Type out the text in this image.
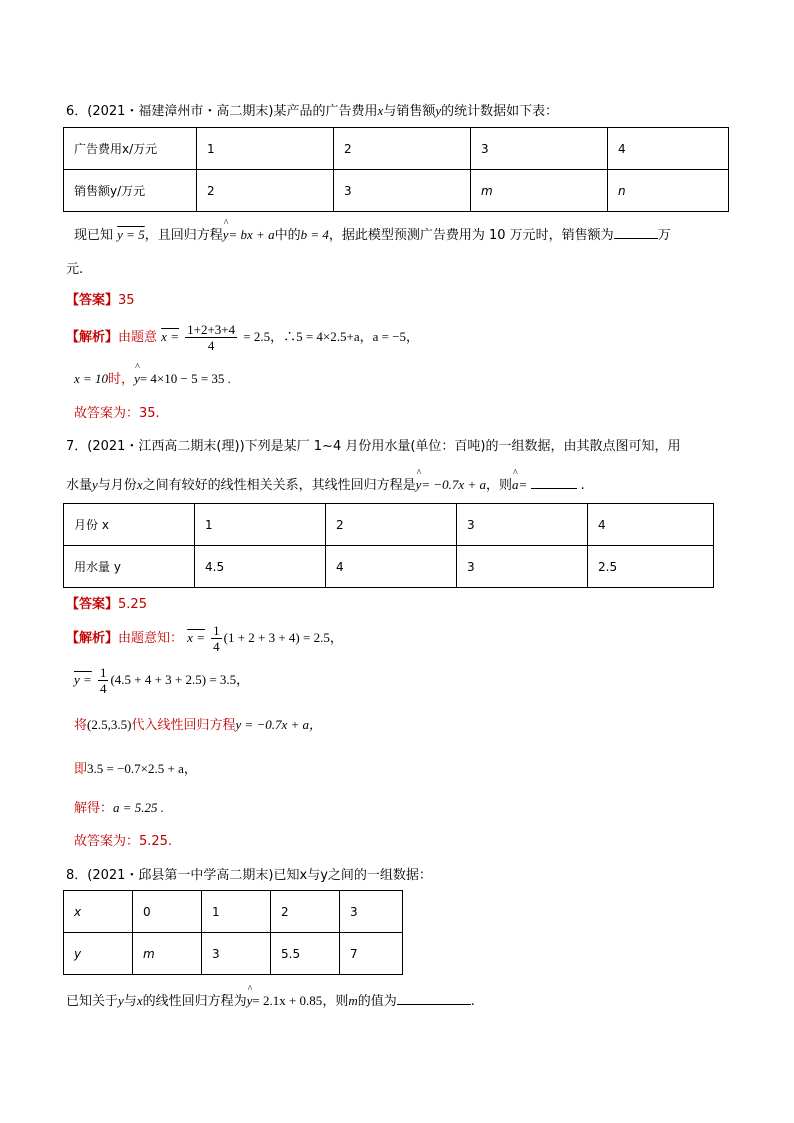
6．(2021・福建漳州市・高二期末)某产品的广告费用x与销售额y的统计数据如下表：
广告费用x/万元	1	2	3	4
销售额y/万元	2	3	m	n
现已知 y = 5，且回归方程^ y= bx + a中的b = 4，据此模型预测广告费用为 10 万元时，销售额为	万
元.
【答案】35
【解析】由题意 $x = \frac{1+2+3+4}{4} = 2.5$，∴5 = 4×2.5+a，a = −5，
x = 10时，^ y= 4×10 − 5 = 35 .
故答案为：35.
7．(2021・江西高二期末(理))下列是某厂 1~4 月份用水量(单位：百吨)的一组数据，由其散点图可知，用
水量y与月份x之间有较好的线性相关关系，其线性回归方程是^ y= −0.7x + a，则^ a=	.
月份 x	1	2	3	4
用水量 y	4.5	4	3	2.5
【答案】5.25
【解析】由题意知： $x = \frac{1}{4} (1 + 2 + 3 + 4) = 2.5$，
$y = \frac{1}{4} (4.5 + 4 + 3 + 2.5) = 3.5$，
将(2.5,3.5)代入线性回归方程y = −0.7x + a，
即3.5 = −0.7×2.5 + a，
解得：a = 5.25 .
故答案为：5.25.
8．(2021・邱县第一中学高二期末)已知x与y之间的一组数据：
x	0	1	2	3
y	m	3	5.5	7
已知关于y与x的线性回归方程为^ y= 2.1x + 0.85，则m的值为	.
